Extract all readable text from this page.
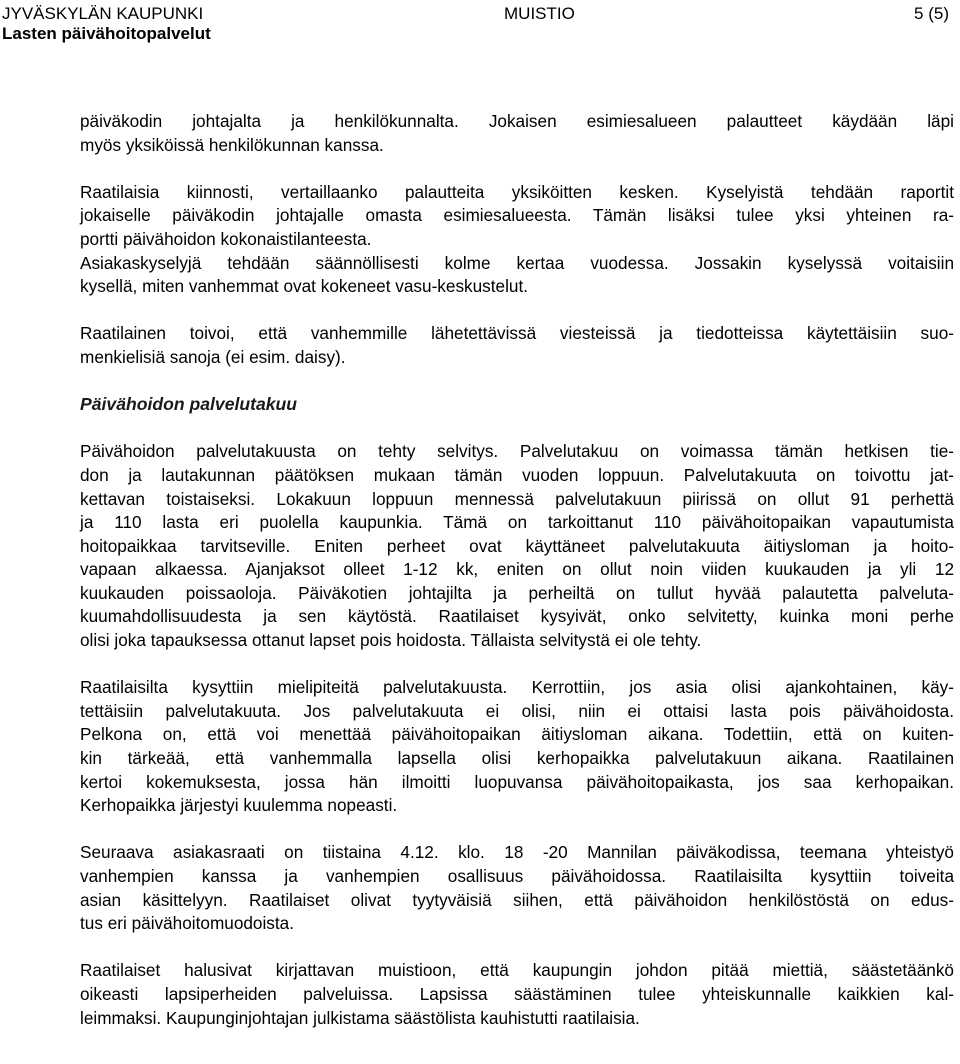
JYVÄSKYLÄN KAUPUNKI
Lasten päivähoitopalvelut
MUISTIO	5 (5)

päiväkodin johtajalta ja henkilökunnalta. Jokaisen esimiesalueen palautteet käydään läpi
myös yksiköissä henkilökunnan kanssa.

Raatilaisia kiinnosti, vertaillaanko palautteita yksiköitten kesken. Kyselyistä tehdään raportit
jokaiselle päiväkodin johtajalle omasta esimiesalueesta. Tämän lisäksi tulee yksi yhteinen ra-
portti päivähoidon kokonaistilanteesta.
Asiakaskyselyjä tehdään säännöllisesti kolme kertaa vuodessa. Jossakin kyselyssä voitaisiin
kysellä, miten vanhemmat ovat kokeneet vasu-keskustelut.

Raatilainen toivoi, että vanhemmille lähetettävissä viesteissä ja tiedotteissa käytettäisiin suo-
menkielisiä sanoja (ei esim. daisy).

Päivähoidon palvelutakuu

Päivähoidon palvelutakuusta on tehty selvitys. Palvelutakuu on voimassa tämän hetkisen tie-
don ja lautakunnan päätöksen mukaan tämän vuoden loppuun. Palvelutakuuta on toivottu jat-
kettavan toistaiseksi. Lokakuun loppuun mennessä palvelutakuun piirissä on ollut 91 perhettä
ja 110 lasta eri puolella kaupunkia. Tämä on tarkoittanut 110 päivähoitopaikan vapautumista
hoitopaikkaa tarvitseville. Eniten perheet ovat käyttäneet palvelutakuuta äitiysloman ja hoito-
vapaan alkaessa. Ajanjaksot olleet 1-12 kk, eniten on ollut noin viiden kuukauden ja yli 12
kuukauden poissaoloja. Päiväkotien johtajilta ja perheiltä on tullut hyvää palautetta palveluta-
kuumahdollisuudesta ja sen käytöstä. Raatilaiset kysyivät, onko selvitetty, kuinka moni perhe
olisi joka tapauksessa ottanut lapset pois hoidosta. Tällaista selvitystä ei ole tehty.

Raatilaisilta kysyttiin mielipiteitä palvelutakuusta. Kerrottiin, jos asia olisi ajankohtainen, käy-
tettäisiin palvelutakuuta. Jos palvelutakuuta ei olisi, niin ei ottaisi lasta pois päivähoidosta.
Pelkona on, että voi menettää päivähoitopaikan äitiysloman aikana. Todettiin, että on kuiten-
kin tärkeää, että vanhemmalla lapsella olisi kerhopaikka palvelutakuun aikana. Raatilainen
kertoi kokemuksesta, jossa hän ilmoitti luopuvansa päivähoitopaikasta, jos saa kerhopaikan.
Kerhopaikka järjestyi kuulemma nopeasti.

Seuraava asiakasraati on tiistaina 4.12. klo. 18 -20 Mannilan päiväkodissa, teemana yhteistyö
vanhempien kanssa ja vanhempien osallisuus päivähoidossa. Raatilaisilta kysyttiin toiveita
asian käsittelyyn. Raatilaiset olivat tyytyväisiä siihen, että päivähoidon henkilöstöstä on edus-
tus eri päivähoitomuodoista.

Raatilaiset halusivat kirjattavan muistioon, että kaupungin johdon pitää miettiä, säästetäänkö
oikeasti lapsiperheiden palveluissa. Lapsissa säästäminen tulee yhteiskunnalle kaikkien kal-
leimmaksi. Kaupunginjohtajan julkistama säästölista kauhistutti raatilaisia.
